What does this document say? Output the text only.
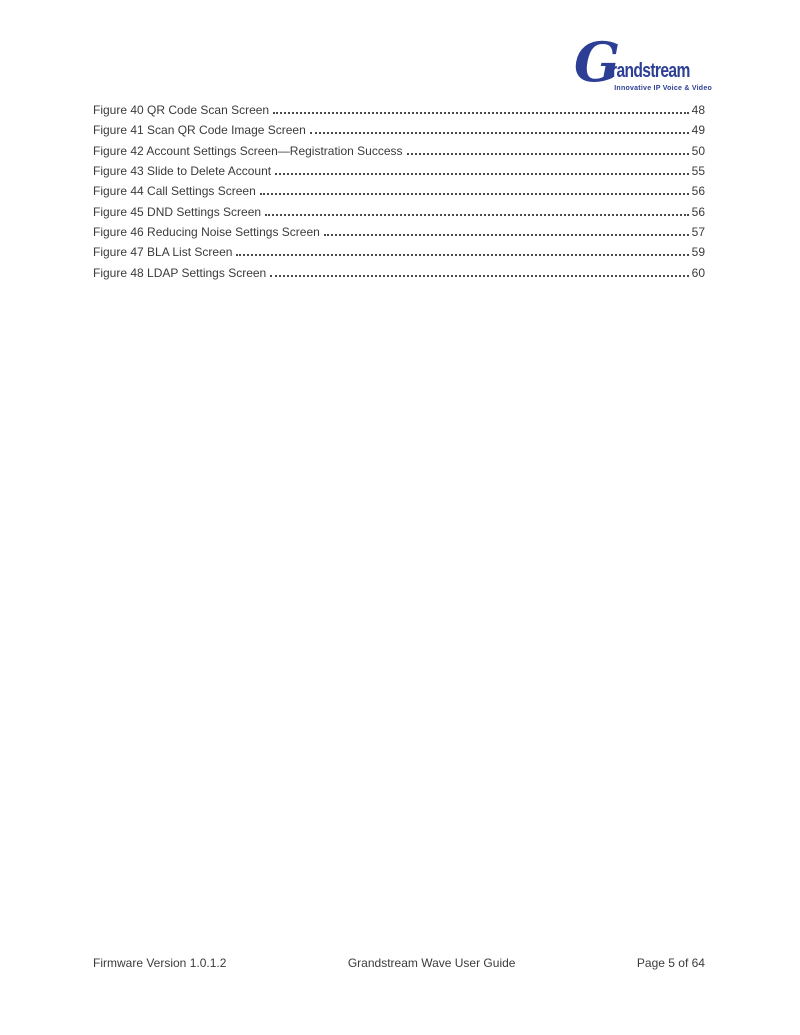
G
randstream
Innovative IP Voice & Video
Figure 40 QR Code Scan Screen	48
Figure 41 Scan QR Code Image Screen	49
Figure 42 Account Settings Screen—Registration Success	50
Figure 43 Slide to Delete Account	55
Figure 44 Call Settings Screen	56
Figure 45 DND Settings Screen	56
Figure 46 Reducing Noise Settings Screen	57
Figure 47 BLA List Screen	59
Figure 48 LDAP Settings Screen	60
Firmware Version 1.0.1.2	Grandstream Wave User Guide	Page 5 of 64
